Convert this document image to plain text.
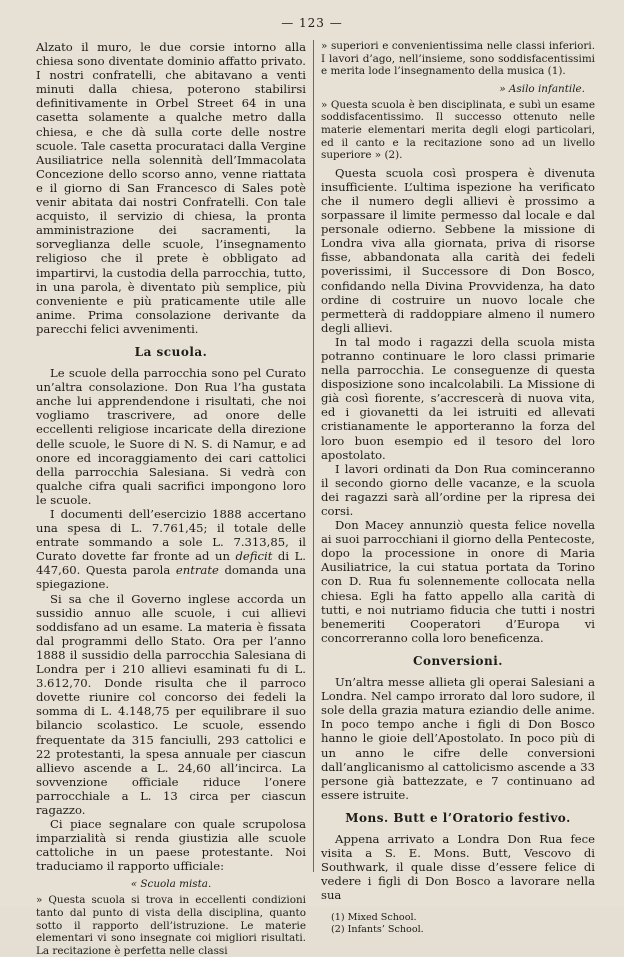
— 123 —

Alzato il muro, le due corsie intorno alla chiesa sono diventate dominio affatto privato. I nostri confratelli, che abitavano a venti minuti dalla chiesa, poterono stabilirsi definitivamente in Orbel Street 64 in una casetta solamente a qualche metro dalla chiesa, e che dà sulla corte delle nostre scuole. Tale casetta procurataci dalla Vergine Ausiliatrice nella solennità dell’Immacolata Concezione dello scorso anno, venne riattata e il giorno di San Francesco di Sales potè venir abitata dai nostri Confratelli. Con tale acquisto, il servizio di chiesa, la pronta amministrazione dei sacramenti, la sorveglianza delle scuole, l’insegnamento religioso che il prete è obbligato ad impartirvi, la custodia della parrocchia, tutto, in una parola, è diventato più semplice, più conveniente e più praticamente utile alle anime. Prima consolazione derivante da parecchi felici avvenimenti.

La scuola.

Le scuole della parrocchia sono pel Curato un’altra consolazione. Don Rua l’ha gustata anche lui apprendendone i risultati, che noi vogliamo trascrivere, ad onore delle eccellenti religiose incaricate della direzione delle scuole, le Suore di N. S. di Namur, e ad onore ed incoraggiamento dei cari cattolici della parrocchia Salesiana. Si vedrà con qualche cifra quali sacrifici impongono loro le scuole.

I documenti dell’esercizio 1888 accertano una spesa di L. 7.761,45; il totale delle entrate sommando a sole L. 7.313,85, il Curato dovette far fronte ad un deficit di L. 447,60. Questa parola entrate domanda una spiegazione.

Si sa che il Governo inglese accorda un sussidio annuo alle scuole, i cui allievi soddisfano ad un esame. La materia è fissata dal programmi dello Stato. Ora per l’anno 1888 il sussidio della parrocchia Salesiana di Londra per i 210 allievi esaminati fu di L. 3.612,70. Donde risulta che il parroco dovette riunire col concorso dei fedeli la somma di L. 4.148,75 per equilibrare il suo bilancio scolastico. Le scuole, essendo frequentate da 315 fanciulli, 293 cattolici e 22 protestanti, la spesa annuale per ciascun allievo ascende a L. 24,60 all’incirca. La sovvenzione officiale riduce l’onere parrocchiale a L. 13 circa per ciascun ragazzo.

Ci piace segnalare con quale scrupolosa imparzialità si renda giustizia alle scuole cattoliche in un paese protestante. Noi traduciamo il rapporto ufficiale:

« Scuola mista.

» Questa scuola si trova in eccellenti condizioni tanto dal punto di vista della disciplina, quanto sotto il rapporto dell’istruzione. Le materie elementari vi sono insegnate coi migliori risultati. La recitazione è perfetta nelle classi

» superiori e convenientissima nelle classi inferiori. I lavori d’ago, nell’insieme, sono soddisfacentissimi e merita lode l’insegnamento della musica (1).

» Asilo infantile.

» Questa scuola è ben disciplinata, e subì un esame soddisfacentissimo. Il successo ottenuto nelle materie elementari merita degli elogi particolari, ed il canto e la recitazione sono ad un livello superiore » (2).

Questa scuola così prospera è divenuta insufficiente. L’ultima ispezione ha verificato che il numero degli allievi è prossimo a sorpassare il limite permesso dal locale e dal personale odierno. Sebbene la missione di Londra viva alla giornata, priva di risorse fisse, abbandonata alla carità dei fedeli poverissimi, il Successore di Don Bosco, confidando nella Divina Provvidenza, ha dato ordine di costruire un nuovo locale che permetterà di raddoppiare almeno il numero degli allievi.

In tal modo i ragazzi della scuola mista potranno continuare le loro classi primarie nella parrocchia. Le conseguenze di questa disposizione sono incalcolabili. La Missione di già così fiorente, s’accrescerà di nuova vita, ed i giovanetti da lei istruiti ed allevati cristianamente le apporteranno la forza del loro buon esempio ed il tesoro del loro apostolato.

I lavori ordinati da Don Rua cominceranno il secondo giorno delle vacanze, e la scuola dei ragazzi sarà all’ordine per la ripresa dei corsi.

Don Macey annunziò questa felice novella ai suoi parrocchiani il giorno della Pentecoste, dopo la processione in onore di Maria Ausiliatrice, la cui statua portata da Torino con D. Rua fu solennemente collocata nella chiesa. Egli ha fatto appello alla carità di tutti, e noi nutriamo fiducia che tutti i nostri benemeriti Cooperatori d’Europa vi concorreranno colla loro beneficenza.

Conversioni.

Un’altra messe allieta gli operai Salesiani a Londra. Nel campo irrorato dal loro sudore, il sole della grazia matura eziandio delle anime. In poco tempo anche i figli di Don Bosco hanno le gioie dell’Apostolato. In poco più di un anno le cifre delle conversioni dall’anglicanismo al cattolicismo ascende a 33 persone già battezzate, e 7 continuano ad essere istruite.

Mons. Butt e l’Oratorio festivo.

Appena arrivato a Londra Don Rua fece visita a S. E. Mons. Butt, Vescovo di Southwark, il quale disse d’essere felice di vedere i figli di Don Bosco a lavorare nella sua

(1) Mixed School.
(2) Infants’ School.
